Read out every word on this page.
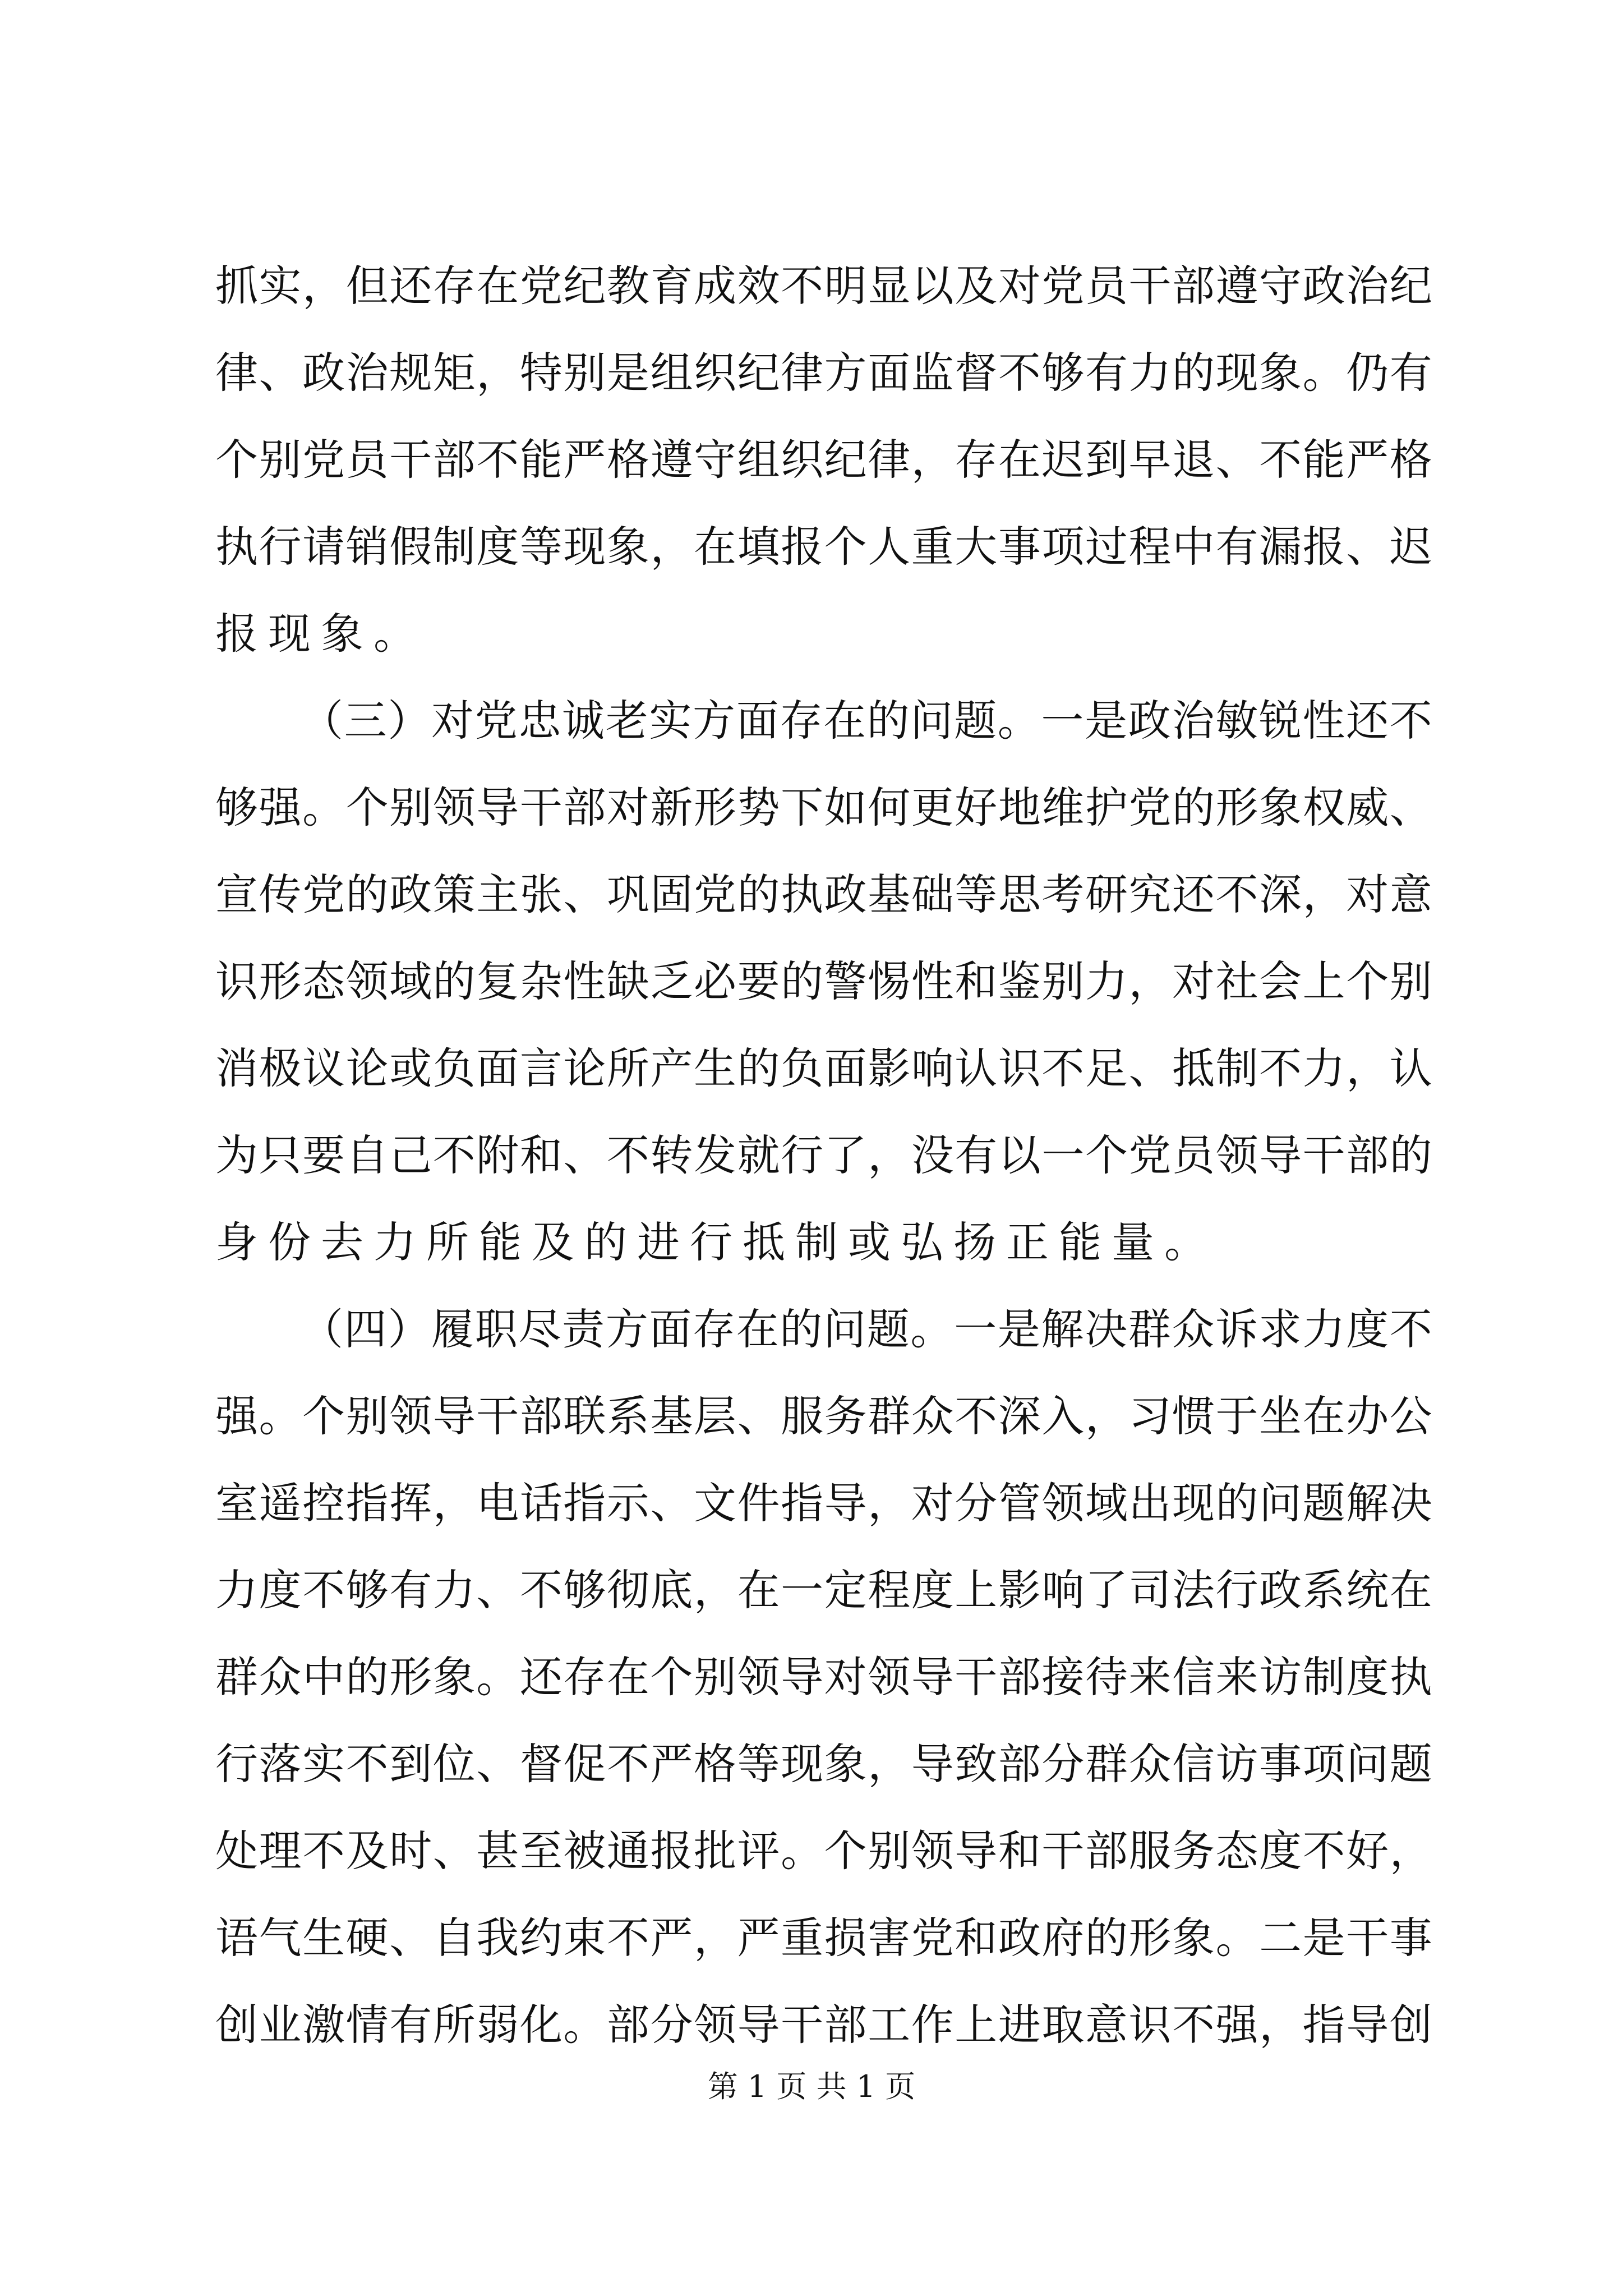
抓 实 ， 但 还 存 在 党 纪 教 育 成 效 不 明 显 以 及 对 党 员 干 部 遵 守 政 治 纪
律 、 政 治 规 矩 ， 特 别 是 组 织 纪 律 方 面 监 督 不 够 有 力 的 现 象 。 仍 有
个 别 党 员 干 部 不 能 严 格 遵 守 组 织 纪 律 ， 存 在 迟 到 早 退 、 不 能 严 格
执 行 请 销 假 制 度 等 现 象 ， 在 填 报 个 人 重 大 事 项 过 程 中 有 漏 报 、 迟
报现象。
（ 三 ） 对 党 忠 诚 老 实 方 面 存 在 的 问 题 。 一 是 政 治 敏 锐 性 还 不
够 强 。 个 别 领 导 干 部 对 新 形 势 下 如 何 更 好 地 维 护 党 的 形 象 权 威 、
宣 传 党 的 政 策 主 张 、 巩 固 党 的 执 政 基 础 等 思 考 研 究 还 不 深 ， 对 意
识 形 态 领 域 的 复 杂 性 缺 乏 必 要 的 警 惕 性 和 鉴 别 力 ， 对 社 会 上 个 别
消 极 议 论 或 负 面 言 论 所 产 生 的 负 面 影 响 认 识 不 足 、 抵 制 不 力 ， 认
为 只 要 自 己 不 附 和 、 不 转 发 就 行 了 ， 没 有 以 一 个 党 员 领 导 干 部 的
身份去力所能及的进行抵制或弘扬正能量。
（ 四 ） 履 职 尽 责 方 面 存 在 的 问 题 。 一 是 解 决 群 众 诉 求 力 度 不
强 。 个 别 领 导 干 部 联 系 基 层 、 服 务 群 众 不 深 入 ， 习 惯 于 坐 在 办 公
室 遥 控 指 挥 ， 电 话 指 示 、 文 件 指 导 ， 对 分 管 领 域 出 现 的 问 题 解 决
力 度 不 够 有 力 、 不 够 彻 底 ， 在 一 定 程 度 上 影 响 了 司 法 行 政 系 统 在
群 众 中 的 形 象 。 还 存 在 个 别 领 导 对 领 导 干 部 接 待 来 信 来 访 制 度 执
行 落 实 不 到 位 、 督 促 不 严 格 等 现 象 ， 导 致 部 分 群 众 信 访 事 项 问 题
处 理 不 及 时 、 甚 至 被 通 报 批 评 。 个 别 领 导 和 干 部 服 务 态 度 不 好 ，
语 气 生 硬 、 自 我 约 束 不 严 ， 严 重 损 害 党 和 政 府 的 形 象 。 二 是 干 事
创 业 激 情 有 所 弱 化 。 部 分 领 导 干 部 工 作 上 进 取 意 识 不 强 ， 指 导 创
第 1 页 共 1 页
